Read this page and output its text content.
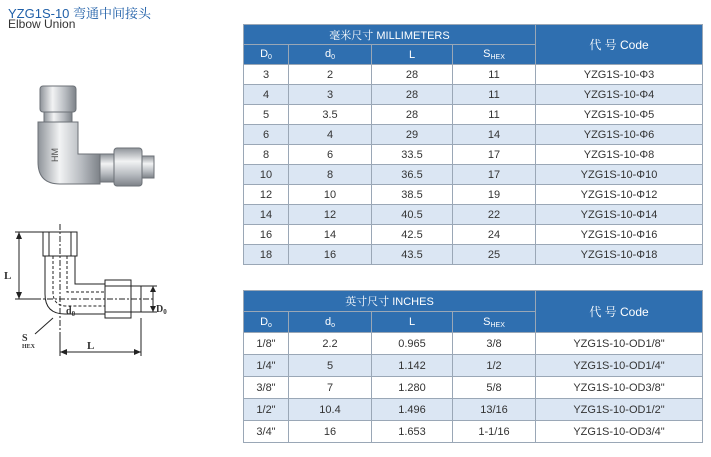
YZG1S-10 弯通中间接头
Elbow Union
HM
L
L
$d_0$	$D_0$
S
HEX
毫米尺寸 MILLIMETERS				代 号 Code
$D_0$	$d_0$	L	$S_{HEX}$
3	2	28	11	YZG1S-10-Φ3
4	3	28	11	YZG1S-10-Φ4
5	3.5	28	11	YZG1S-10-Φ5
6	4	29	14	YZG1S-10-Φ6
8	6	33.5	17	YZG1S-10-Φ8
10	8	36.5	17	YZG1S-10-Φ10
12	10	38.5	19	YZG1S-10-Φ12
14	12	40.5	22	YZG1S-10-Φ14
16	14	42.5	24	YZG1S-10-Φ16
18	16	43.5	25	YZG1S-10-Φ18
英寸尺寸 INCHES				代 号 Code
$D_o$	$d_o$	L	$S_{HEX}$
1/8"	2.2	0.965	3/8	YZG1S-10-OD1/8"
1/4"	5	1.142	1/2	YZG1S-10-OD1/4"
3/8"	7	1.280	5/8	YZG1S-10-OD3/8"
1/2"	10.4	1.496	13/16	YZG1S-10-OD1/2"
3/4"	16	1.653	1-1/16	YZG1S-10-OD3/4"
